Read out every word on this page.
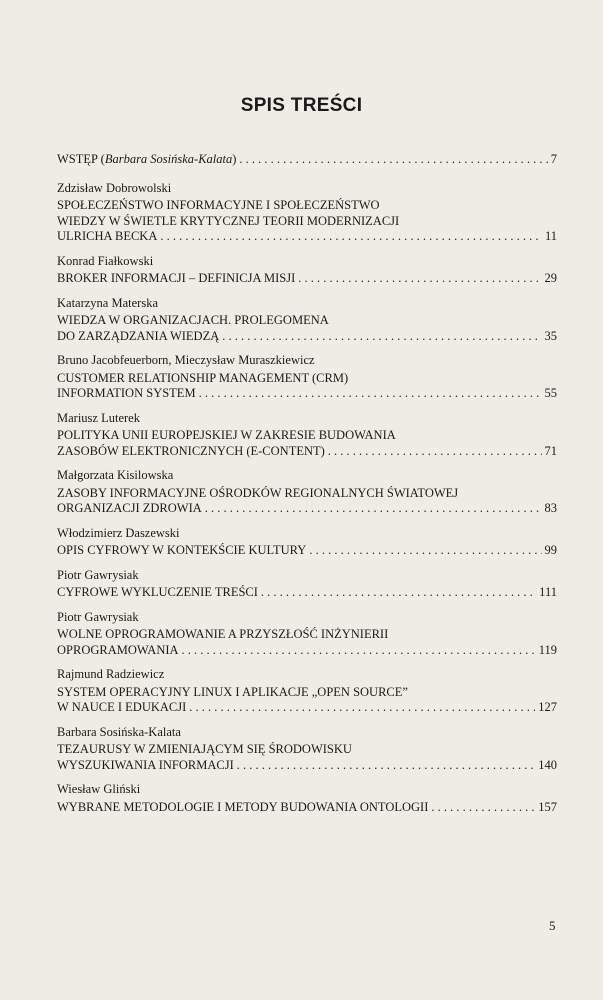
SPIS TREŚCI
WSTĘP (Barbara Sosińska-Kalata) . . .	7
Zdzisław Dobrowolski
SPOŁECZEŃSTWO INFORMACYJNE I SPOŁECZEŃSTWO
WIEDZY W ŚWIETLE KRYTYCZNEJ TEORII MODERNIZACJI
ULRICHA BECKA . . .	11
Konrad Fiałkowski
BROKER INFORMACJI – DEFINICJA MISJI . . .	29
Katarzyna Materska
WIEDZA W ORGANIZACJACH. PROLEGOMENA
DO ZARZĄDZANIA WIEDZĄ . . .	35
Bruno Jacobfeuerborn, Mieczysław Muraszkiewicz
CUSTOMER RELATIONSHIP MANAGEMENT (CRM)
INFORMATION SYSTEM . . .	55
Mariusz Luterek
POLITYKA UNII EUROPEJSKIEJ W ZAKRESIE BUDOWANIA
ZASOBÓW ELEKTRONICZNYCH (E-CONTENT) . . .	71
Małgorzata Kisilowska
ZASOBY INFORMACYJNE OŚRODKÓW REGIONALNYCH ŚWIATOWEJ
ORGANIZACJI ZDROWIA . . .	83
Włodzimierz Daszewski
OPIS CYFROWY W KONTEKŚCIE KULTURY . . .	99
Piotr Gawrysiak
CYFROWE WYKLUCZENIE TREŚCI . . .	111
Piotr Gawrysiak
WOLNE OPROGRAMOWANIE A PRZYSZŁOŚĆ INŻYNIERII
OPROGRAMOWANIA . . .	119
Rajmund Radziewicz
SYSTEM OPERACYJNY LINUX I APLIKACJE „OPEN SOURCE”
W NAUCE I EDUKACJI . . .	127
Barbara Sosińska-Kalata
TEZAURUSY W ZMIENIAJĄCYM SIĘ ŚRODOWISKU
WYSZUKIWANIA INFORMACJI . . .	140
Wiesław Gliński
WYBRANE METODOLOGIE I METODY BUDOWANIA ONTOLOGII . . .	157
5
